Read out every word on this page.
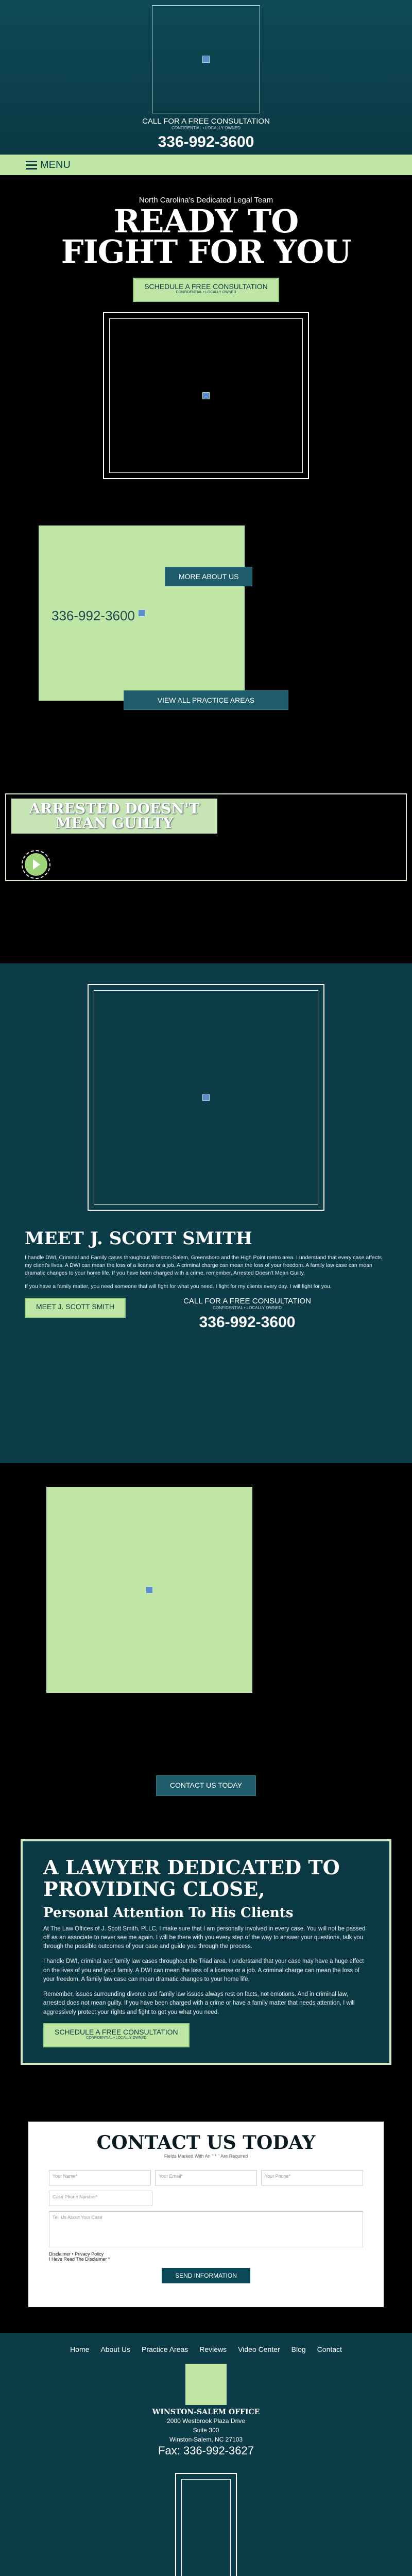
CALL FOR A FREE CONSULTATION
CONFIDENTIAL • LOCALLY OWNED
336-992-3600
MENU
North Carolina's Dedicated Legal Team
READY TO
FIGHT FOR YOU
SCHEDULE A FREE CONSULTATION
CONFIDENTIAL • LOCALLY OWNED
MORE ABOUT US
336-992-3600
VIEW ALL PRACTICE AREAS
ARRESTED DOESN'T MEAN GUILTY
MEET J. SCOTT SMITH

I handle DWI, Criminal and Family cases throughout Winston-Salem, Greensboro and the High Point metro area. I understand that every case affects my client's lives. A DWI can mean the loss of a license or a job. A criminal charge can mean the loss of your freedom. A family law case can mean dramatic changes to your home life. If you have been charged with a crime, remember, Arrested Doesn't Mean Guilty.

If you have a family matter, you need someone that will fight for what you need. I fight for my clients every day. I will fight for you.

MEET J. SCOTT SMITH
CALL FOR A FREE CONSULTATION
CONFIDENTIAL • LOCALLY OWNED
336-992-3600
CONTACT US TODAY
A LAWYER DEDICATED TO PROVIDING CLOSE,
Personal Attention To His Clients

At The Law Offices of J. Scott Smith, PLLC, I make sure that I am personally involved in every case. You will not be passed off as an associate to never see me again. I will be there with you every step of the way to answer your questions, talk you through the possible outcomes of your case and guide you through the process.

I handle DWI, criminal and family law cases throughout the Triad area. I understand that your case may have a huge effect on the lives of you and your family. A DWI can mean the loss of a license or a job. A criminal charge can mean the loss of your freedom. A family law case can mean dramatic changes to your home life.

Remember, issues surrounding divorce and family law issues always rest on facts, not emotions. And in criminal law, arrested does not mean guilty. If you have been charged with a crime or have a family matter that needs attention, I will aggressively protect your rights and fight to get you what you need.

SCHEDULE A FREE CONSULTATION
CONFIDENTIAL • LOCALLY OWNED
CONTACT US TODAY
Fields Marked With An " * " Are Required
Your Name*	Your Email*	Your Phone*
Case Phone Number*
Tell Us About Your Case
Disclaimer • Privacy Policy
I Have Read The Disclaimer *
SEND INFORMATION
Home About Us Practice Areas Reviews Video Center Blog Contact
WINSTON-SALEM OFFICE
2000 Westbrook Plaza Drive
Suite 300
Winston-Salem, NC 27103
Fax: 336-992-3627
